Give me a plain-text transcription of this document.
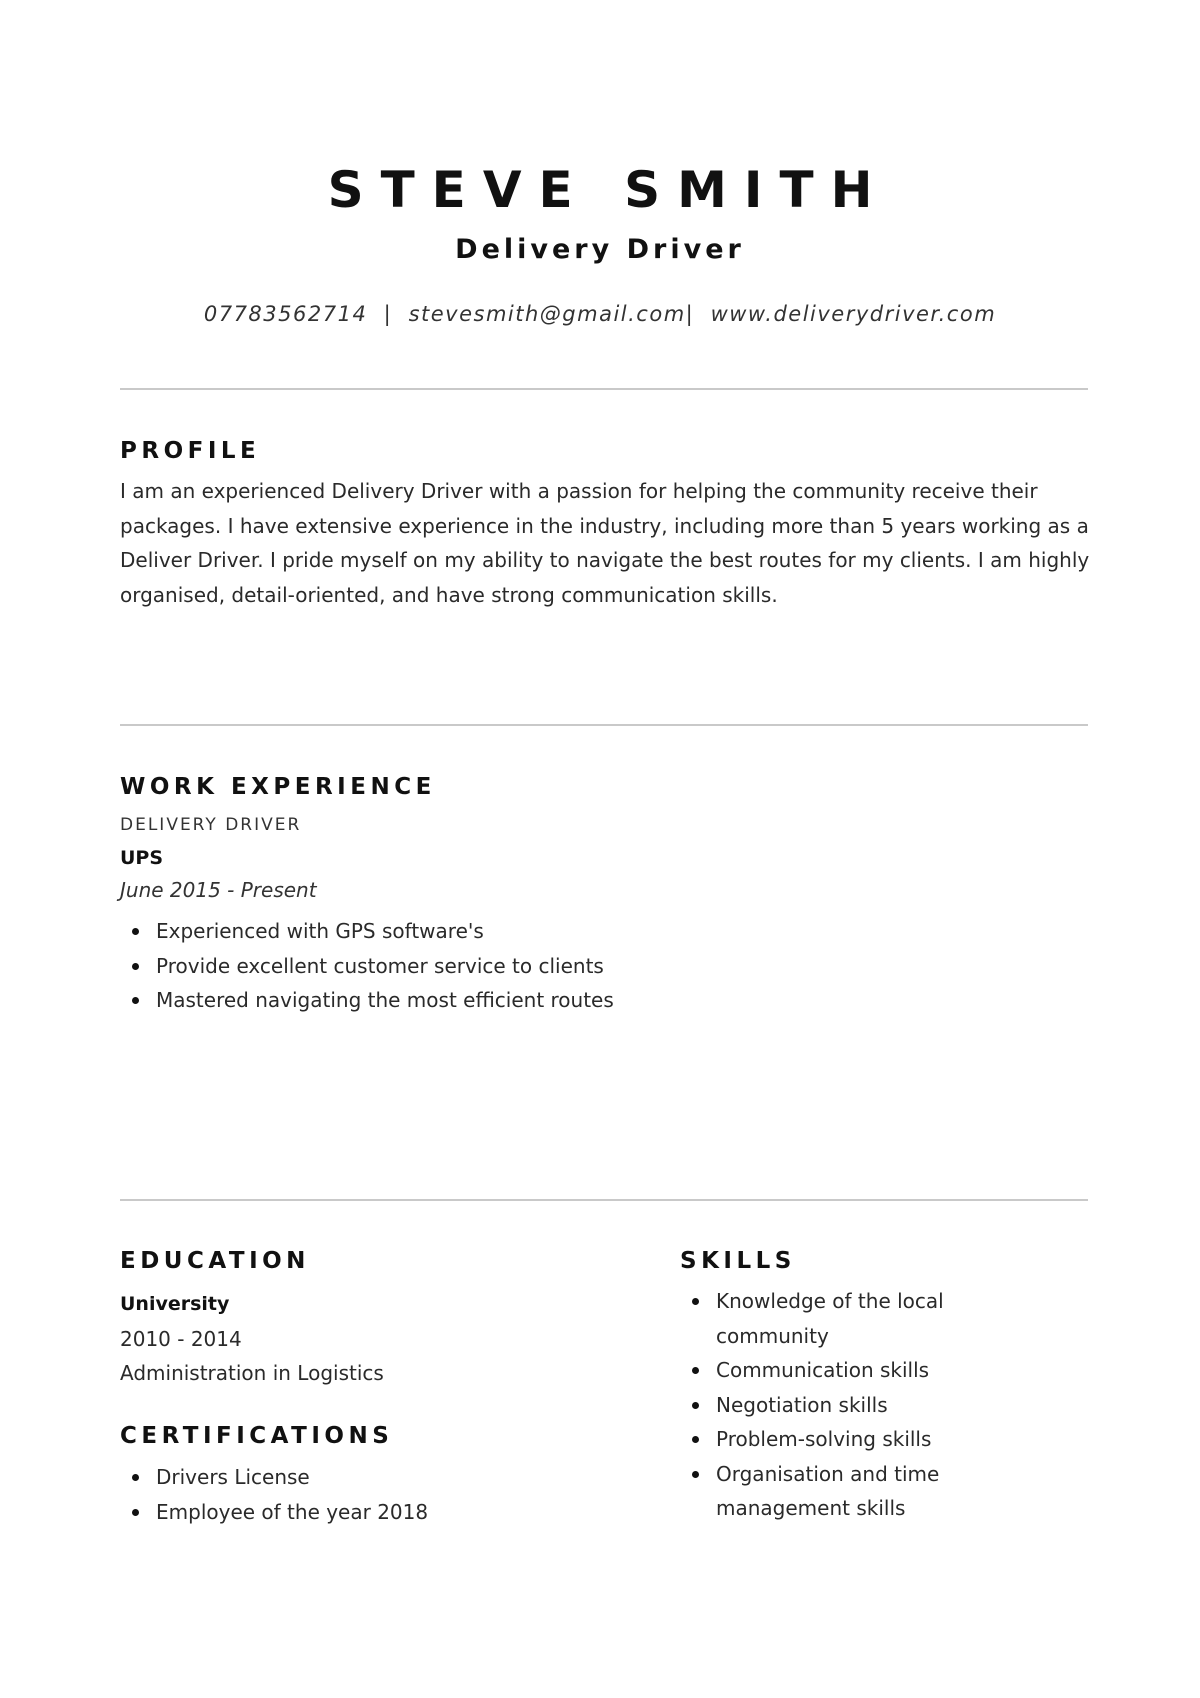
STEVE SMITH
Delivery Driver
07783562714  |  stevesmith@gmail.com|  www.deliverydriver.com
PROFILE
I am an experienced Delivery Driver with a passion for helping the community receive their packages. I have extensive experience in the industry, including more than 5 years working as a Deliver Driver. I pride myself on my ability to navigate the best routes for my clients. I am highly organised, detail-oriented, and have strong communication skills.
WORK EXPERIENCE
DELIVERY DRIVER
UPS
June 2015 - Present
Experienced with GPS software's
Provide excellent customer service to clients
Mastered navigating the most efficient routes
EDUCATION
University
2010 - 2014
Administration in Logistics
CERTIFICATIONS
Drivers License
Employee of the year 2018
SKILLS
Knowledge of the local community
Communication skills
Negotiation skills
Problem-solving skills
Organisation and time management skills
